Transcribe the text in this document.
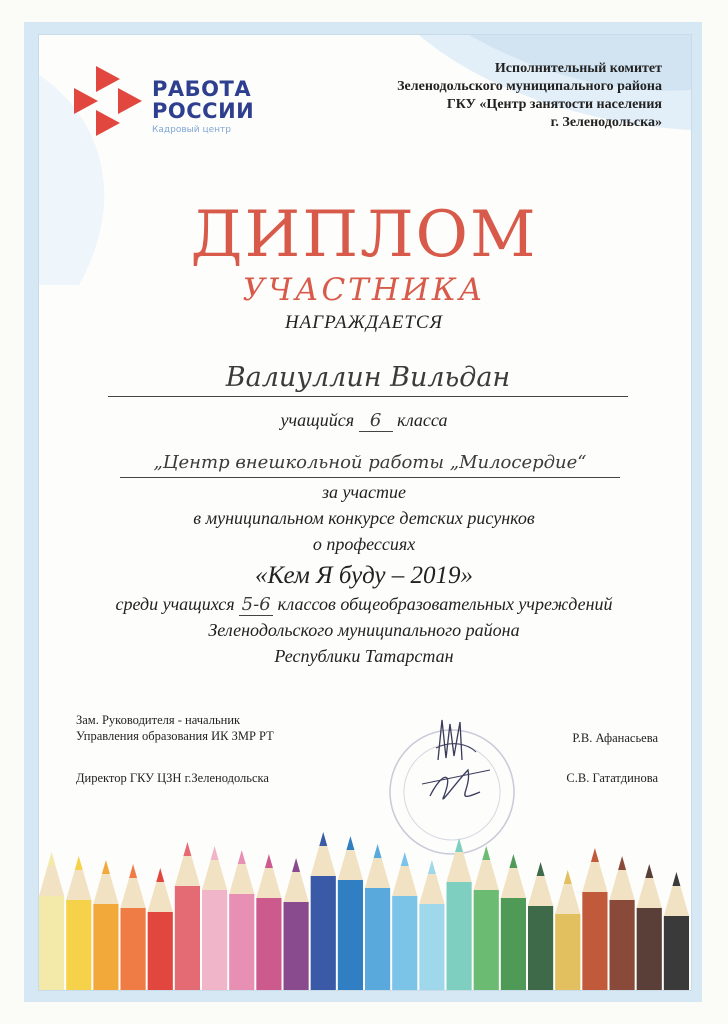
РАБОТА
РОССИИ
Кадровый центр
Исполнительный комитет
Зеленодольского муниципального района
ГКУ «Центр занятости населения
г. Зеленодольска»
ДИПЛОМ
УЧАСТНИКА
НАГРАЖДАЕТСЯ
Валиуллин Вильдан
учащийся 6 класса
„Центр внешкольной работы „Милосердие“
за участие
в муниципальном конкурсе детских рисунков
о профессиях
«Кем Я буду – 2019»
среди учащихся 5-6 классов общеобразовательных учреждений
Зеленодольского муниципального района
Республики Татарстан
Зам. Руководителя - начальник
Управления образования ИК ЗМР РТ	Р.В. Афанасьева
Директор ГКУ ЦЗН г.Зеленодольска	С.В. Гататдинова
